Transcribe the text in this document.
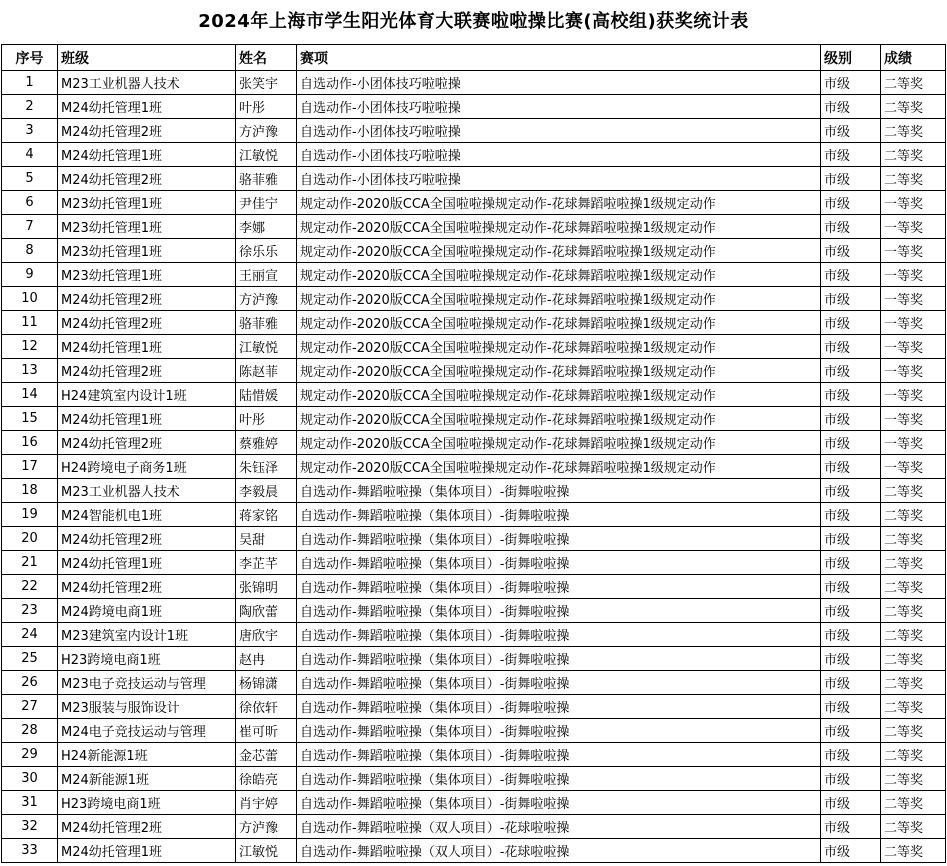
2024年上海市学生阳光体育大联赛啦啦操比赛(高校组)获奖统计表
序号	班级	姓名	赛项	级别	成绩
1	M23工业机器人技术	张笑宇	自选动作-小团体技巧啦啦操	市级	二等奖
2	M24幼托管理1班	叶彤	自选动作-小团体技巧啦啦操	市级	二等奖
3	M24幼托管理2班	方泸豫	自选动作-小团体技巧啦啦操	市级	二等奖
4	M24幼托管理1班	江敏悦	自选动作-小团体技巧啦啦操	市级	二等奖
5	M24幼托管理2班	骆菲雅	自选动作-小团体技巧啦啦操	市级	二等奖
6	M23幼托管理1班	尹佳宁	规定动作-2020版CCA全国啦啦操规定动作-花球舞蹈啦啦操1级规定动作	市级	一等奖
7	M23幼托管理1班	李娜	规定动作-2020版CCA全国啦啦操规定动作-花球舞蹈啦啦操1级规定动作	市级	一等奖
8	M23幼托管理1班	徐乐乐	规定动作-2020版CCA全国啦啦操规定动作-花球舞蹈啦啦操1级规定动作	市级	一等奖
9	M23幼托管理1班	王丽宣	规定动作-2020版CCA全国啦啦操规定动作-花球舞蹈啦啦操1级规定动作	市级	一等奖
10	M24幼托管理2班	方泸豫	规定动作-2020版CCA全国啦啦操规定动作-花球舞蹈啦啦操1级规定动作	市级	一等奖
11	M24幼托管理2班	骆菲雅	规定动作-2020版CCA全国啦啦操规定动作-花球舞蹈啦啦操1级规定动作	市级	一等奖
12	M24幼托管理1班	江敏悦	规定动作-2020版CCA全国啦啦操规定动作-花球舞蹈啦啦操1级规定动作	市级	一等奖
13	M24幼托管理2班	陈赵菲	规定动作-2020版CCA全国啦啦操规定动作-花球舞蹈啦啦操1级规定动作	市级	一等奖
14	H24建筑室内设计1班	陆惜媛	规定动作-2020版CCA全国啦啦操规定动作-花球舞蹈啦啦操1级规定动作	市级	一等奖
15	M24幼托管理1班	叶彤	规定动作-2020版CCA全国啦啦操规定动作-花球舞蹈啦啦操1级规定动作	市级	一等奖
16	M24幼托管理2班	蔡雅婷	规定动作-2020版CCA全国啦啦操规定动作-花球舞蹈啦啦操1级规定动作	市级	一等奖
17	H24跨境电子商务1班	朱钰泽	规定动作-2020版CCA全国啦啦操规定动作-花球舞蹈啦啦操1级规定动作	市级	一等奖
18	M23工业机器人技术	李毅晨	自选动作-舞蹈啦啦操（集体项目）-街舞啦啦操	市级	二等奖
19	M24智能机电1班	蒋家铭	自选动作-舞蹈啦啦操（集体项目）-街舞啦啦操	市级	二等奖
20	M24幼托管理2班	吴甜	自选动作-舞蹈啦啦操（集体项目）-街舞啦啦操	市级	二等奖
21	M24幼托管理1班	李芷芊	自选动作-舞蹈啦啦操（集体项目）-街舞啦啦操	市级	二等奖
22	M24幼托管理2班	张锦明	自选动作-舞蹈啦啦操（集体项目）-街舞啦啦操	市级	二等奖
23	M24跨境电商1班	陶欣蕾	自选动作-舞蹈啦啦操（集体项目）-街舞啦啦操	市级	二等奖
24	M23建筑室内设计1班	唐欣宇	自选动作-舞蹈啦啦操（集体项目）-街舞啦啦操	市级	二等奖
25	H23跨境电商1班	赵冉	自选动作-舞蹈啦啦操（集体项目）-街舞啦啦操	市级	二等奖
26	M23电子竞技运动与管理	杨锦潇	自选动作-舞蹈啦啦操（集体项目）-街舞啦啦操	市级	二等奖
27	M23服装与服饰设计	徐依轩	自选动作-舞蹈啦啦操（集体项目）-街舞啦啦操	市级	二等奖
28	M24电子竞技运动与管理	崔可昕	自选动作-舞蹈啦啦操（集体项目）-街舞啦啦操	市级	二等奖
29	H24新能源1班	金芯蕾	自选动作-舞蹈啦啦操（集体项目）-街舞啦啦操	市级	二等奖
30	M24新能源1班	徐皓亮	自选动作-舞蹈啦啦操（集体项目）-街舞啦啦操	市级	二等奖
31	H23跨境电商1班	肖宇婷	自选动作-舞蹈啦啦操（集体项目）-街舞啦啦操	市级	二等奖
32	M24幼托管理2班	方泸豫	自选动作-舞蹈啦啦操（双人项目）-花球啦啦操	市级	二等奖
33	M24幼托管理1班	江敏悦	自选动作-舞蹈啦啦操（双人项目）-花球啦啦操	市级	二等奖
